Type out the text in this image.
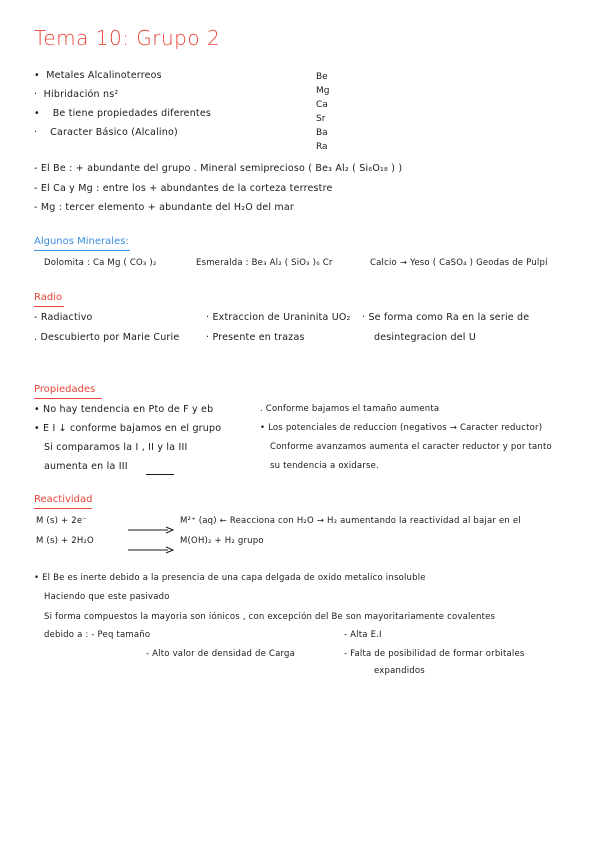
Tema 10: Grupo 2
•  Metales Alcalinoterreos
·  Hibridación ns²
•    Be tiene propiedades diferentes
·    Caracter Básico (Alcalino)
Be
Mg
Ca
Sr
Ba
Ra
- El Be : + abundante del grupo . Mineral semiprecioso ( Be₃ Al₂ ( Si₆O₁₈ ) )
- El Ca y Mg : entre los + abundantes de la corteza terrestre
- Mg : tercer elemento + abundante del H₂O del mar
Algunos Minerales:
Dolomita : Ca Mg ( CO₃ )₂	Esmeralda : Be₃ Al₂ ( SiO₃ )₆ Cr	Calcio → Yeso ( CaSO₄ ) Geodas de Pulpí
Radio
- Radiactivo
. Descubierto por Marie Curie
· Extraccion de Uraninita UO₂
· Presente en trazas
· Se forma como Ra en la serie de
desintegracion del U
Propiedades
• No hay tendencia en Pto de F y eb
• E I ↓ conforme bajamos en el grupo
Si comparamos la I , II y la III
aumenta en la III
. Conforme bajamos el tamaño aumenta
• Los potenciales de reduccion (negativos → Caracter reductor)
Conforme avanzamos aumenta el caracter reductor y por tanto
su tendencia a oxidarse.
Reactividad
M (s) + 2e⁻	M²⁺ (aq) ← Reacciona con H₂O → H₂ aumentando la reactividad al bajar en el
M (s) + 2H₂O	M(OH)₂ + H₂ grupo
• El Be es inerte debido a la presencia de una capa delgada de oxido metalico insoluble
Haciendo que este pasivado
Si forma compuestos la mayoria son iónicos , con excepción del Be son mayoritariamente covalentes
debido a : - Peq tamaño
- Alto valor de densidad de Carga
- Alta E.I
- Falta de posibilidad de formar orbitales
expandidos
